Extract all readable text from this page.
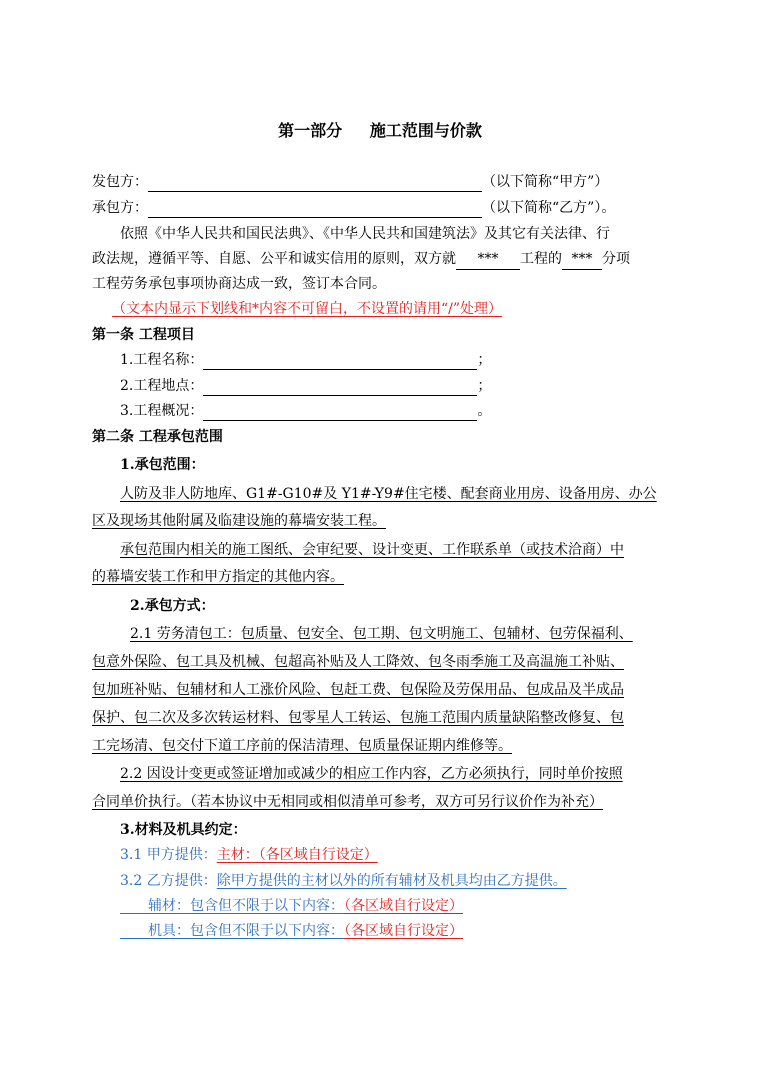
第一部分     施工范围与价款
发包方：	（以下简称“甲方”）
承包方：	（以下简称“乙方”）。
依照《中华人民共和国民法典》、《中华人民共和国建筑法》及其它有关法律、行
政法规，遵循平等、自愿、公平和诚实信用的原则，双方就 *** 工程的 *** 分项
工程劳务承包事项协商达成一致，签订本合同。
（文本内显示下划线和*内容不可留白，不设置的请用“/”处理）
第一条 工程项目
1.工程名称：	；
2.工程地点：	；
3.工程概况：	。
第二条 工程承包范围
1.承包范围：
人防及非人防地库、G1#-G10#及 Y1#-Y9#住宅楼、配套商业用房、设备用房、办公
区及现场其他附属及临建设施的幕墙安装工程。
承包范围内相关的施工图纸、会审纪要、设计变更、工作联系单（或技术洽商）中
的幕墙安装工作和甲方指定的其他内容。
2.承包方式：
2.1 劳务清包工：包质量、包安全、包工期、包文明施工、包辅材、包劳保福利、
包意外保险、包工具及机械、包超高补贴及人工降效、包冬雨季施工及高温施工补贴、
包加班补贴、包辅材和人工涨价风险、包赶工费、包保险及劳保用品、包成品及半成品
保护、包二次及多次转运材料、包零星人工转运、包施工范围内质量缺陷整改修复、包
工完场清、包交付下道工序前的保洁清理、包质量保证期内维修等。
2.2 因设计变更或签证增加或减少的相应工作内容，乙方必须执行，同时单价按照
合同单价执行。（若本协议中无相同或相似清单可参考，双方可另行议价作为补充）
3.材料及机具约定：
3.1 甲方提供：主材：（各区域自行设定）
3.2 乙方提供：除甲方提供的主材以外的所有辅材及机具均由乙方提供。
  辅材：包含但不限于以下内容：（各区域自行设定）
  机具：包含但不限于以下内容：（各区域自行设定）
